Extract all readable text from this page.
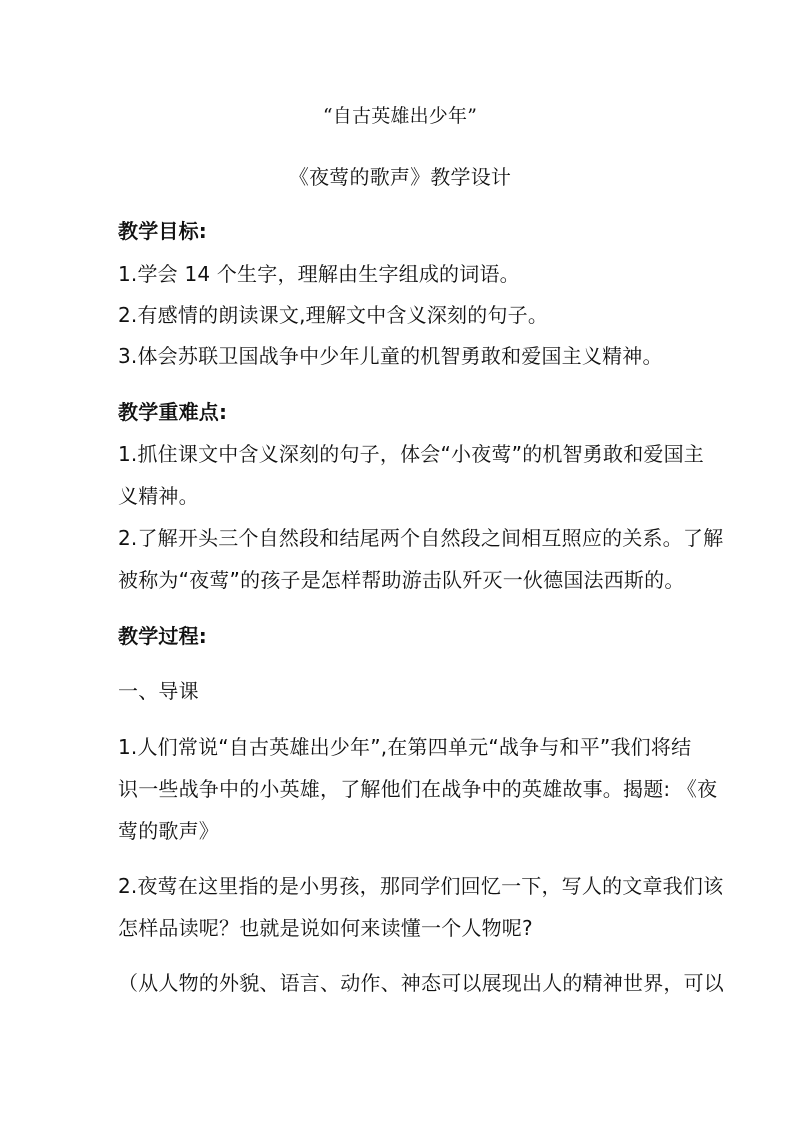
“自古英雄出少年”
《夜莺的歌声》教学设计
教学目标:
1.学会 14 个生字，理解由生字组成的词语。
2.有感情的朗读课文,理解文中含义深刻的句子。
3.体会苏联卫国战争中少年儿童的机智勇敢和爱国主义精神。
教学重难点:
1.抓住课文中含义深刻的句子，体会“小夜莺”的机智勇敢和爱国主
义精神。
2.了解开头三个自然段和结尾两个自然段之间相互照应的关系。了解
被称为“夜莺”的孩子是怎样帮助游击队歼灭一伙德国法西斯的。
教学过程:
一、导课
1.人们常说“自古英雄出少年”,在第四单元“战争与和平”我们将结
识一些战争中的小英雄，了解他们在战争中的英雄故事。揭题: 《夜
莺的歌声》
2.夜莺在这里指的是小男孩，那同学们回忆一下，写人的文章我们该
怎样品读呢？也就是说如何来读懂一个人物呢?
（从人物的外貌、语言、动作、神态可以展现出人的精神世界，可以
